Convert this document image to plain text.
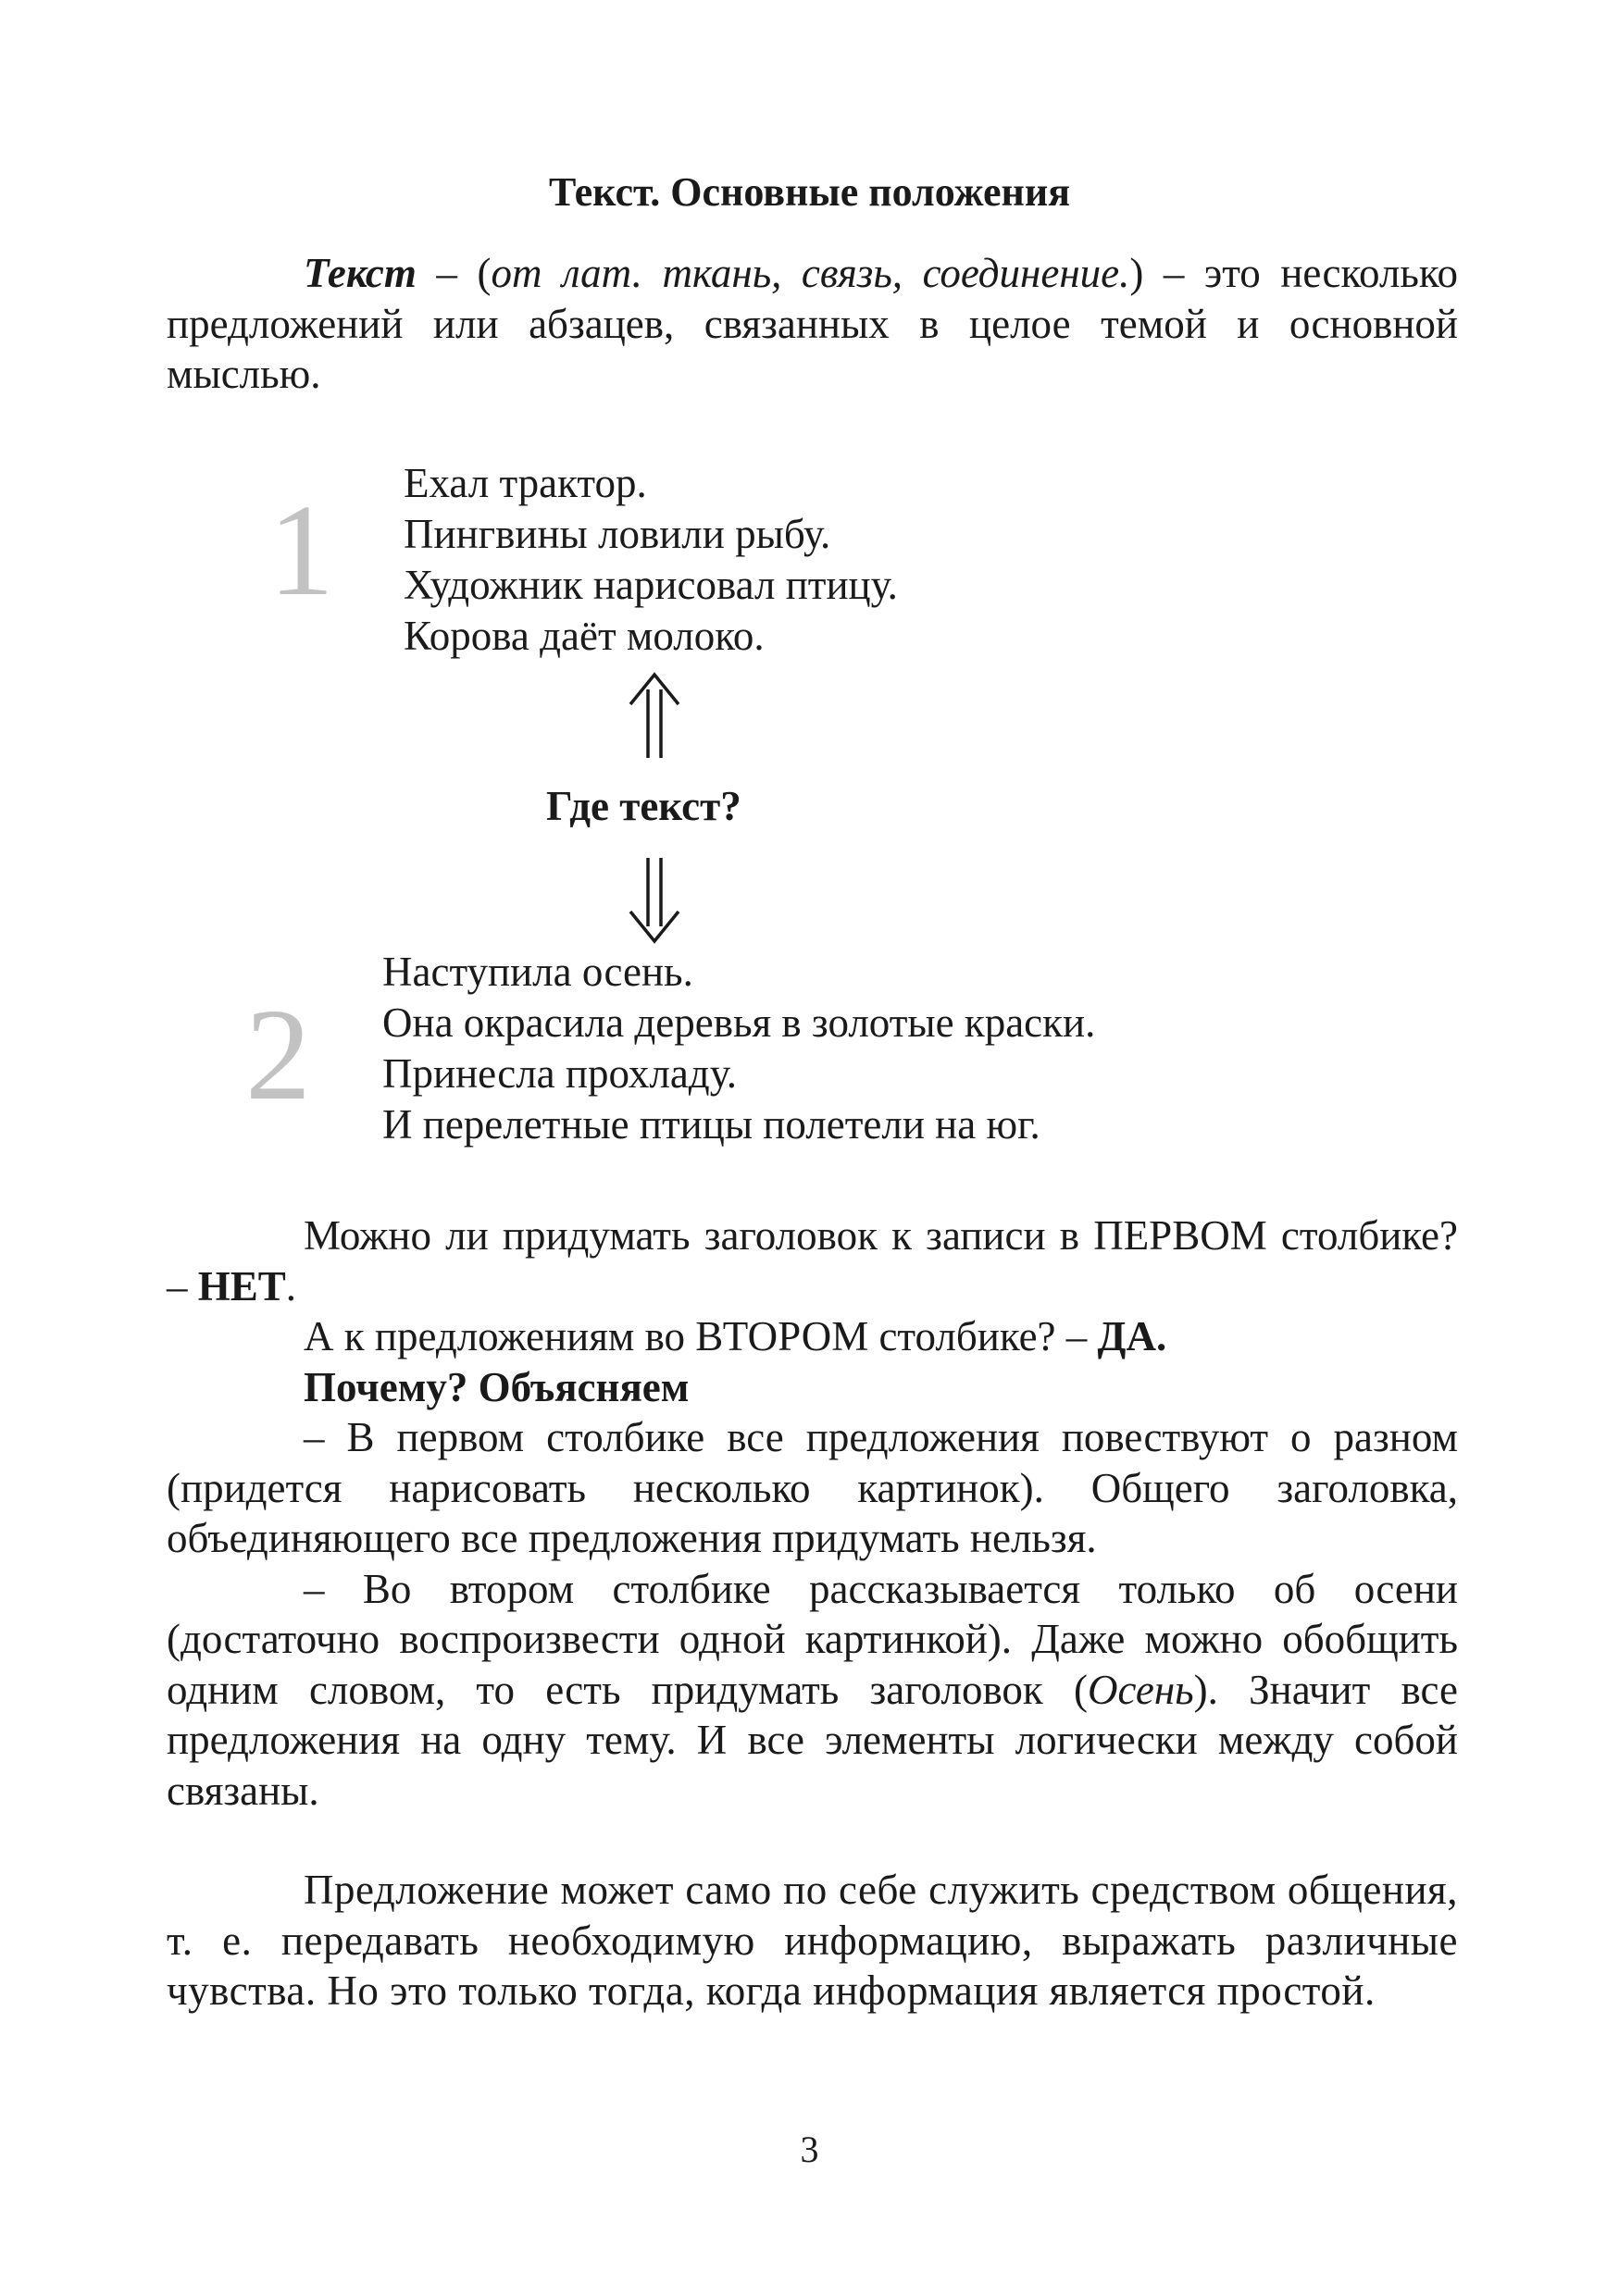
Текст. Основные положения

Текст – (от лат. ткань, связь, соединение.) – это несколько предложений или абзацев, связанных в целое темой и основной мыслью.

1 Ехал трактор.
Пингвины ловили рыбу.
Художник нарисовал птицу.
Корова даёт молоко.
Где текст?
2
Наступила осень.
Она окрасила деревья в золотые краски.
Принесла прохладу.
И перелетные птицы полетели на юг.

Можно ли придумать заголовок к записи в ПЕРВОМ столбике? – НЕТ.

А к предложениям во ВТОРОМ столбике? – ДА.

Почему? Объясняем

– В первом столбике все предложения повествуют о разном (придется нарисовать несколько картинок). Общего заголовка, объединяющего все предложения придумать нельзя.

– Во втором столбике рассказывается только об осени (достаточно воспроизвести одной картинкой). Даже можно обобщить одним словом, то есть придумать заголовок (Осень). Значит все предложения на одну тему. И все элементы логически между собой связаны.

Предложение может само по себе служить средством общения, т. е. передавать необходимую информацию, выражать различные чувства. Но это только тогда, когда информация является простой.

3
